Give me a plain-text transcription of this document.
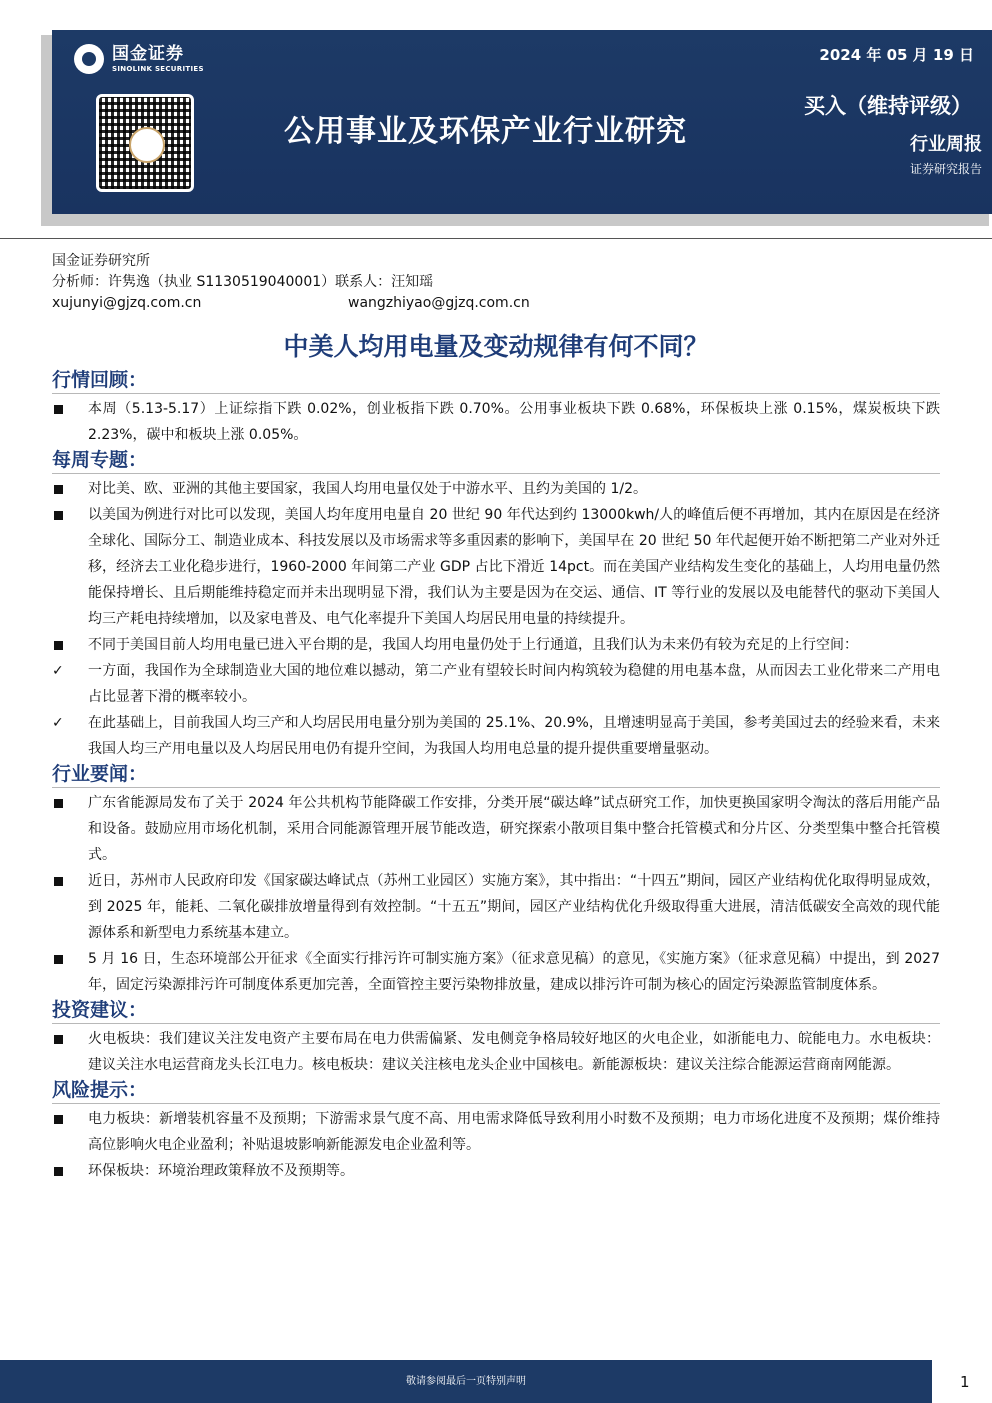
国金证券
SINOLINK SECURITIES
公用事业及环保产业行业研究
2024 年 05 月 19 日
买入（维持评级）
行业周报
证券研究报告
国金证券研究所
分析师：许隽逸（执业 S1130519040001）联系人：汪知瑶
xujunyi@gjzq.com.cn	wangzhiyao@gjzq.com.cn
中美人均用电量及变动规律有何不同？
行情回顾：
本周（5.13-5.17）上证综指下跌 0.02%，创业板指下跌 0.70%。公用事业板块下跌 0.68%，环保板块上涨 0.15%，煤炭板块下跌 2.23%，碳中和板块上涨 0.05%。
每周专题：
对比美、欧、亚洲的其他主要国家，我国人均用电量仅处于中游水平、且约为美国的 1/2。
以美国为例进行对比可以发现，美国人均年度用电量自 20 世纪 90 年代达到约 13000kwh/人的峰值后便不再增加，其内在原因是在经济全球化、国际分工、制造业成本、科技发展以及市场需求等多重因素的影响下，美国早在 20 世纪 50 年代起便开始不断把第二产业对外迁移，经济去工业化稳步进行，1960-2000 年间第二产业 GDP 占比下滑近 14pct。而在美国产业结构发生变化的基础上，人均用电量仍然能保持增长、且后期能维持稳定而并未出现明显下滑，我们认为主要是因为在交运、通信、IT 等行业的发展以及电能替代的驱动下美国人均三产耗电持续增加，以及家电普及、电气化率提升下美国人均居民用电量的持续提升。
不同于美国目前人均用电量已进入平台期的是，我国人均用电量仍处于上行通道，且我们认为未来仍有较为充足的上行空间：
✓ 一方面，我国作为全球制造业大国的地位难以撼动，第二产业有望较长时间内构筑较为稳健的用电基本盘，从而因去工业化带来二产用电占比显著下滑的概率较小。
✓ 在此基础上，目前我国人均三产和人均居民用电量分别为美国的 25.1%、20.9%，且增速明显高于美国，参考美国过去的经验来看，未来我国人均三产用电量以及人均居民用电仍有提升空间，为我国人均用电总量的提升提供重要增量驱动。
行业要闻：
广东省能源局发布了关于 2024 年公共机构节能降碳工作安排，分类开展“碳达峰”试点研究工作，加快更换国家明令淘汰的落后用能产品和设备。鼓励应用市场化机制，采用合同能源管理开展节能改造，研究探索小散项目集中整合托管模式和分片区、分类型集中整合托管模式。
近日，苏州市人民政府印发《国家碳达峰试点（苏州工业园区）实施方案》，其中指出：“十四五”期间，园区产业结构优化取得明显成效，到 2025 年，能耗、二氧化碳排放增量得到有效控制。“十五五”期间，园区产业结构优化升级取得重大进展，清洁低碳安全高效的现代能源体系和新型电力系统基本建立。
5 月 16 日，生态环境部公开征求《全面实行排污许可制实施方案》（征求意见稿）的意见，《实施方案》（征求意见稿）中提出，到 2027 年，固定污染源排污许可制度体系更加完善，全面管控主要污染物排放量，建成以排污许可制为核心的固定污染源监管制度体系。
投资建议：
火电板块：我们建议关注发电资产主要布局在电力供需偏紧、发电侧竞争格局较好地区的火电企业，如浙能电力、皖能电力。水电板块：建议关注水电运营商龙头长江电力。核电板块：建议关注核电龙头企业中国核电。新能源板块：建议关注综合能源运营商南网能源。
风险提示：
电力板块：新增装机容量不及预期；下游需求景气度不高、用电需求降低导致利用小时数不及预期；电力市场化进度不及预期；煤价维持高位影响火电企业盈利；补贴退坡影响新能源发电企业盈利等。
环保板块：环境治理政策释放不及预期等。
敬请参阅最后一页特别声明	1
